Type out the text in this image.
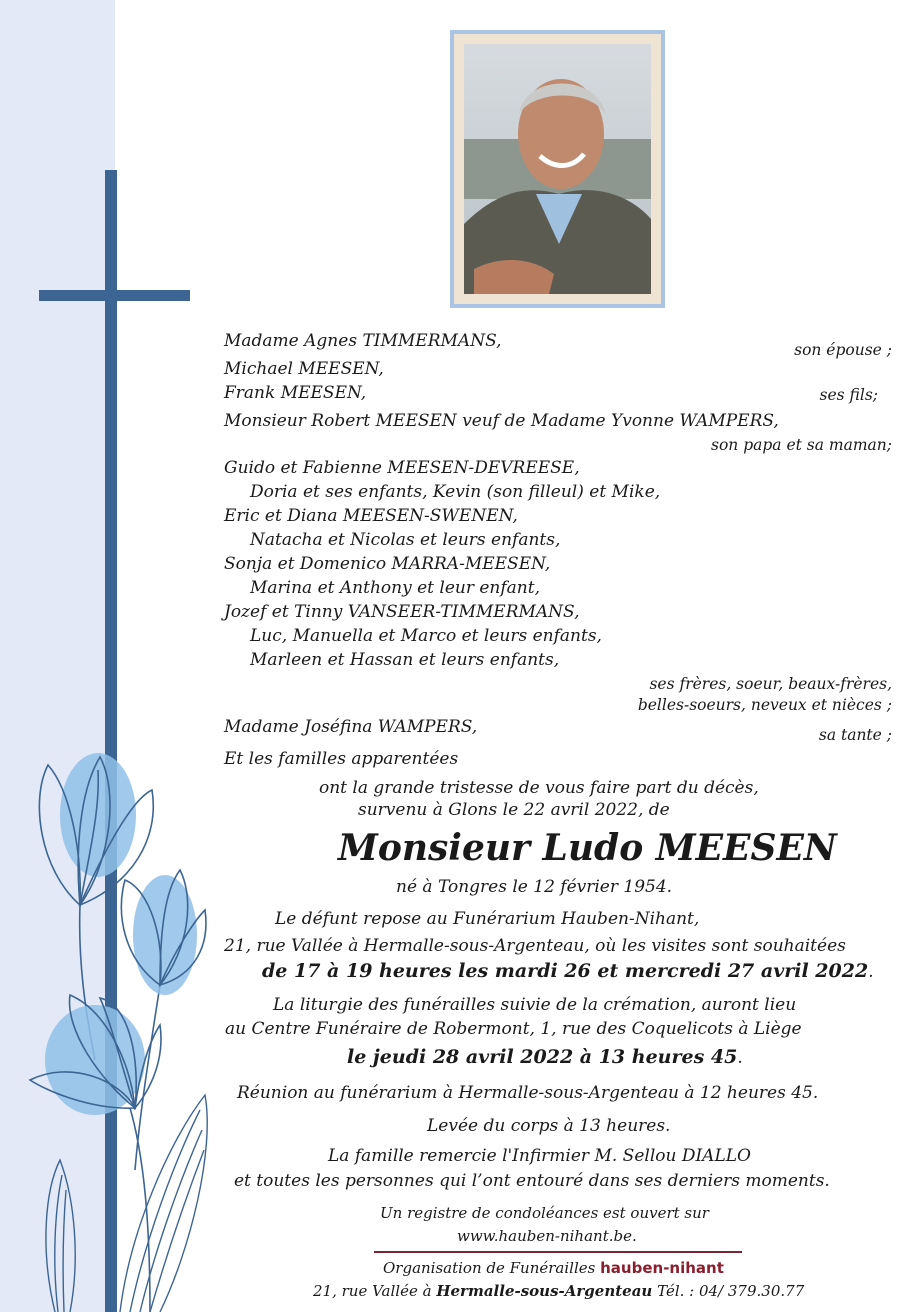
Madame Agnes TIMMERMANS,	son épouse ;
Michael MEESEN,
Frank MEESEN,	ses fils;
Monsieur Robert MEESEN veuf de Madame Yvonne WAMPERS,
son papa et sa maman;
Guido et Fabienne MEESEN-DEVREESE,
Doria et ses enfants, Kevin (son filleul) et Mike,
Eric et Diana MEESEN-SWENEN,
Natacha et Nicolas et leurs enfants,
Sonja et Domenico MARRA-MEESEN,
Marina et Anthony et leur enfant,
Jozef et Tinny VANSEER-TIMMERMANS,
Luc, Manuella et Marco et leurs enfants,
Marleen et Hassan et leurs enfants,
ses frères, soeur, beaux-frères,
belles-soeurs, neveux et nièces ;
Madame Joséfina WAMPERS,	sa tante ;
Et les familles apparentées
ont la grande tristesse de vous faire part du décès,
survenu à Glons le 22 avril 2022, de
Monsieur Ludo MEESEN
né à Tongres le 12 février 1954.
Le défunt repose au Funérarium Hauben-Nihant,
21, rue Vallée à Hermalle-sous-Argenteau, où les visites sont souhaitées
de 17 à 19 heures les mardi 26 et mercredi 27 avril 2022.
La liturgie des funérailles suivie de la crémation, auront lieu
au Centre Funéraire de Robermont, 1, rue des Coquelicots à Liège
le jeudi 28 avril 2022 à 13 heures 45.
Réunion au funérarium à Hermalle-sous-Argenteau à 12 heures 45.
Levée du corps à 13 heures.
La famille remercie l'Infirmier M. Sellou DIALLO
et toutes les personnes qui l’ont entouré dans ses derniers moments.
Un registre de condoléances est ouvert sur
www.hauben-nihant.be.
Organisation de Funérailles hauben-nihant
21, rue Vallée à Hermalle-sous-Argenteau Tél. : 04/ 379.30.77
